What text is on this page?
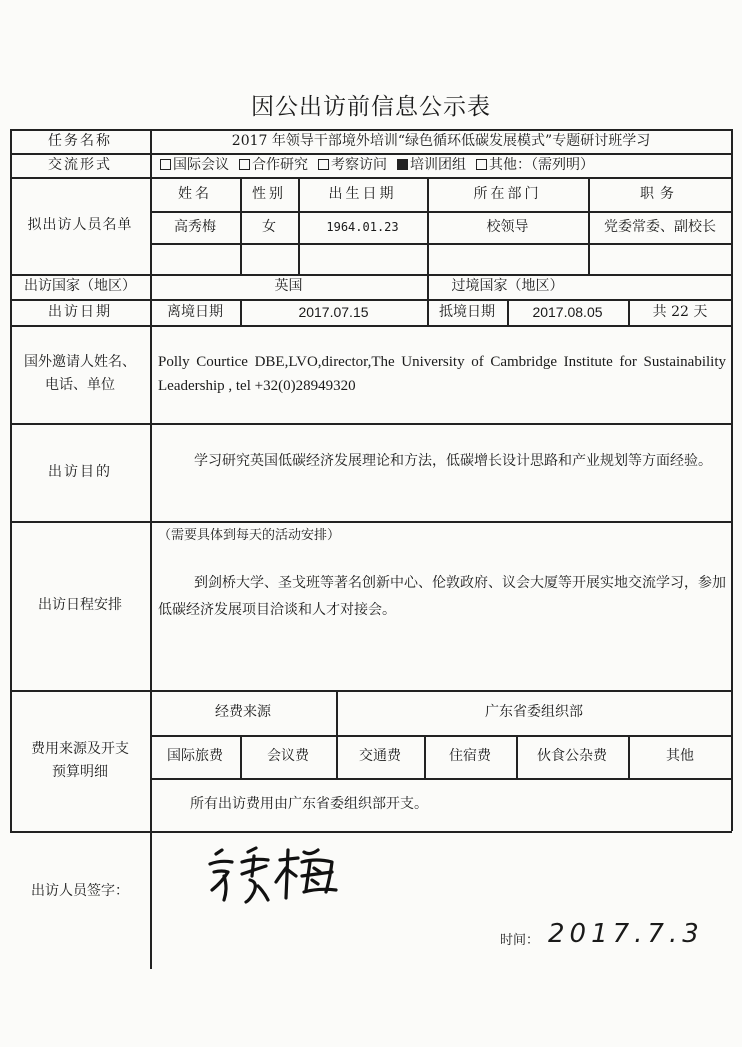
因公出访前信息公示表
任务名称	2017 年领导干部境外培训“绿色循环低碳发展模式”专题研讨班学习
交流形式	国际会议	合作研究	考察访问	培训团组	其他：（需列明）
拟出访人员名单
姓名	性别	出生日期	所在部门	职务
高秀梅	女	1964.01.23	校领导	党委常委、副校长
出访国家（地区）	英国	过境国家（地区）
出访日期	离境日期	2017.07.15	抵境日期	2017.08.05	共 22 天
国外邀请人姓名、
电话、单位
Polly Courtice DBE,LVO,director,The University of Cambridge Institute for Sustainability Leadership , tel +32(0)28949320
出访目的
学习研究英国低碳经济发展理论和方法，低碳增长设计思路和产业规划等方面经验。
出访日程安排
（需要具体到每天的活动安排）
到剑桥大学、圣戈班等著名创新中心、伦敦政府、议会大厦等开展实地交流学习，参加低碳经济发展项目洽谈和人才对接会。
费用来源及开支
预算明细
经费来源	广东省委组织部
国际旅费	会议费	交通费	住宿费	伙食公杂费	其他
所有出访费用由广东省委组织部开支。
出访人员签字：
时间： 2017.7.3
